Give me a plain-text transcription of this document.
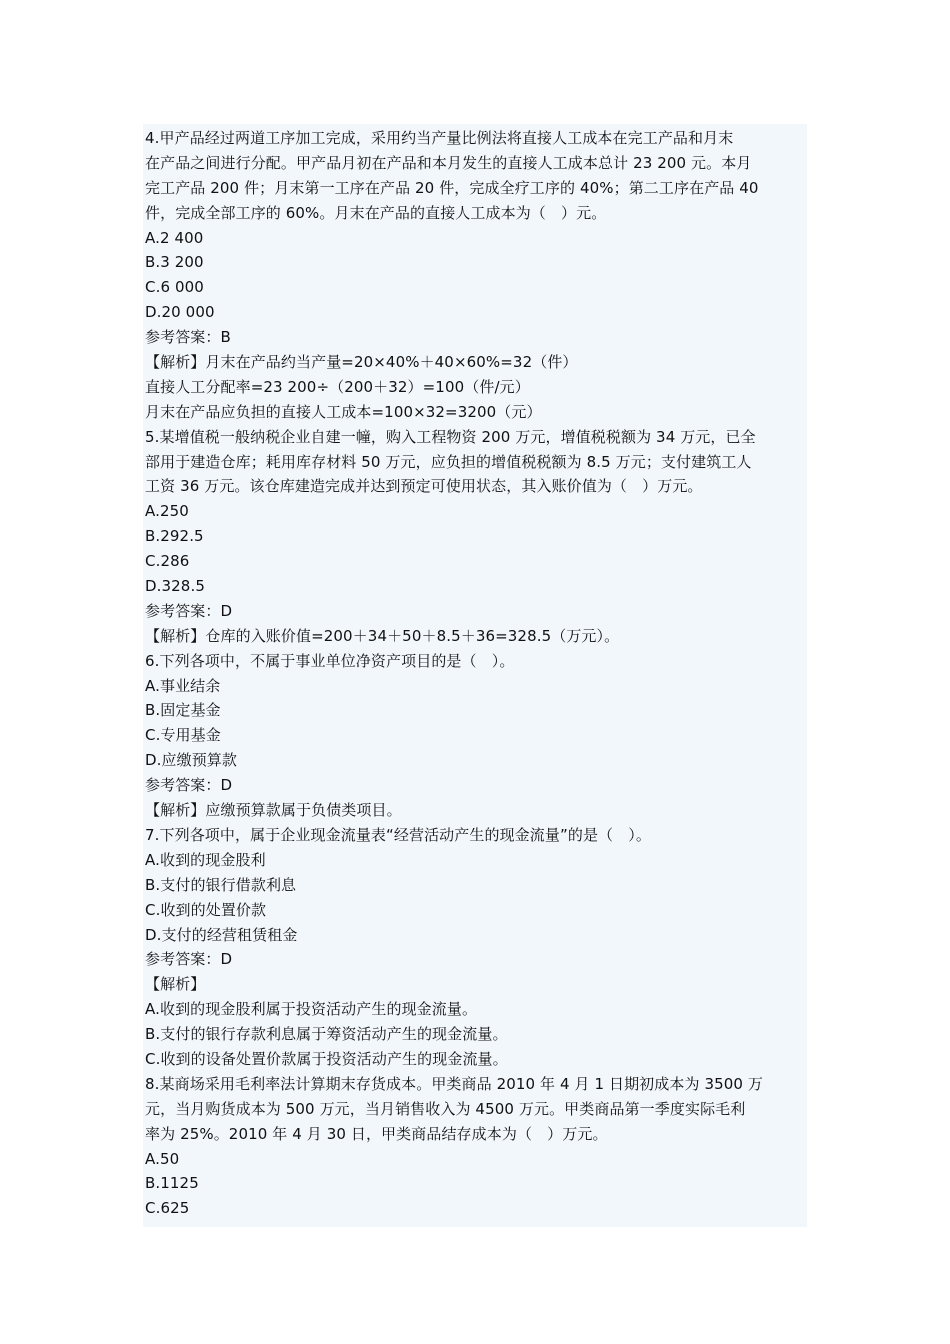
4.甲产品经过两道工序加工完成，采用约当产量比例法将直接人工成本在完工产品和月末
在产品之间进行分配。甲产品月初在产品和本月发生的直接人工成本总计 23 200 元。本月
完工产品 200 件；月末第一工序在产品 20 件，完成全疗工序的 40%；第二工序在产品 40
件，完成全部工序的 60%。月末在产品的直接人工成本为（　）元。
A.2 400
B.3 200
C.6 000
D.20 000
参考答案：B
【解析】月末在产品约当产量=20×40%＋40×60%=32（件）
直接人工分配率=23 200÷（200＋32）=100（件/元）
月末在产品应负担的直接人工成本=100×32=3200（元）
5.某增值税一般纳税企业自建一幢，购入工程物资 200 万元，增值税税额为 34 万元，已全
部用于建造仓库；耗用库存材料 50 万元，应负担的增值税税额为 8.5 万元；支付建筑工人
工资 36 万元。该仓库建造完成并达到预定可使用状态，其入账价值为（　）万元。
A.250
B.292.5
C.286
D.328.5
参考答案：D
【解析】仓库的入账价值=200＋34＋50＋8.5＋36=328.5（万元）。
6.下列各项中，不属于事业单位净资产项目的是（　）。
A.事业结余
B.固定基金
C.专用基金
D.应缴预算款
参考答案：D
【解析】应缴预算款属于负债类项目。
7.下列各项中，属于企业现金流量表“经营活动产生的现金流量”的是（　）。
A.收到的现金股利
B.支付的银行借款利息
C.收到的处置价款
D.支付的经营租赁租金
参考答案：D
【解析】
A.收到的现金股利属于投资活动产生的现金流量。
B.支付的银行存款利息属于筹资活动产生的现金流量。
C.收到的设备处置价款属于投资活动产生的现金流量。
8.某商场采用毛利率法计算期末存货成本。甲类商品 2010 年 4 月 1 日期初成本为 3500 万
元，当月购货成本为 500 万元，当月销售收入为 4500 万元。甲类商品第一季度实际毛利
率为 25%。2010 年 4 月 30 日，甲类商品结存成本为（　）万元。
A.50
B.1125
C.625
